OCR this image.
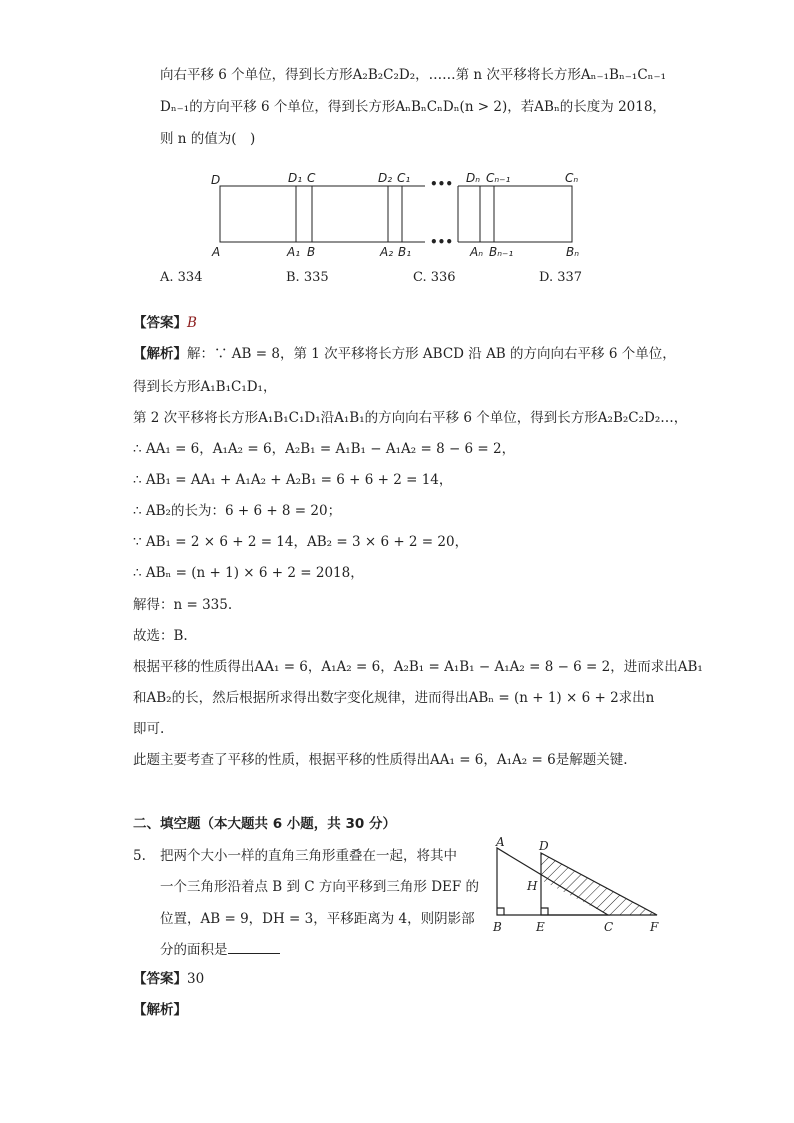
向右平移 6 个单位，得到长方形A₂B₂C₂D₂，……第 n 次平移将长方形Aₙ₋₁Bₙ₋₁Cₙ₋₁
Dₙ₋₁的方向平移 6 个单位，得到长方形AₙBₙCₙDₙ(n > 2)，若ABₙ的长度为 2018，
则 n 的值为(　)
D	D₁ C	D₂ C₁ ••• Dₙ Cₙ₋₁	Cₙ
A	A₁ B	A₂ B₁
•••
Aₙ Bₙ₋₁	Bₙ
A. 334	B. 335	C. 336	D. 337
【答案】B
【解析】解：∵ AB = 8，第 1 次平移将长方形 ABCD 沿 AB 的方向向右平移 6 个单位，
得到长方形A₁B₁C₁D₁，
第 2 次平移将长方形A₁B₁C₁D₁沿A₁B₁的方向向右平移 6 个单位，得到长方形A₂B₂C₂D₂…，
∴ AA₁ = 6，A₁A₂ = 6，A₂B₁ = A₁B₁ − A₁A₂ = 8 − 6 = 2，
∴ AB₁ = AA₁ + A₁A₂ + A₂B₁ = 6 + 6 + 2 = 14，
∴ AB₂的长为：6 + 6 + 8 = 20；
∵ AB₁ = 2 × 6 + 2 = 14，AB₂ = 3 × 6 + 2 = 20，
∴ ABₙ = (n + 1) × 6 + 2 = 2018，
解得：n = 335.
故选：B.
根据平移的性质得出AA₁ = 6，A₁A₂ = 6，A₂B₁ = A₁B₁ − A₁A₂ = 8 − 6 = 2，进而求出AB₁
和AB₂的长，然后根据所求得出数字变化规律，进而得出ABₙ = (n + 1) × 6 + 2求出n
即可.
此题主要考查了平移的性质，根据平移的性质得出AA₁ = 6，A₁A₂ = 6是解题关键.
二、填空题（本大题共 6 小题，共 30 分）
5. 把两个大小一样的直角三角形重叠在一起，将其中
一个三角形沿着点 B 到 C 方向平移到三角形 DEF 的
位置，AB = 9，DH = 3，平移距离为 4，则阴影部
分的面积是
A	D
H
B	E	C	F
【答案】30
【解析】
